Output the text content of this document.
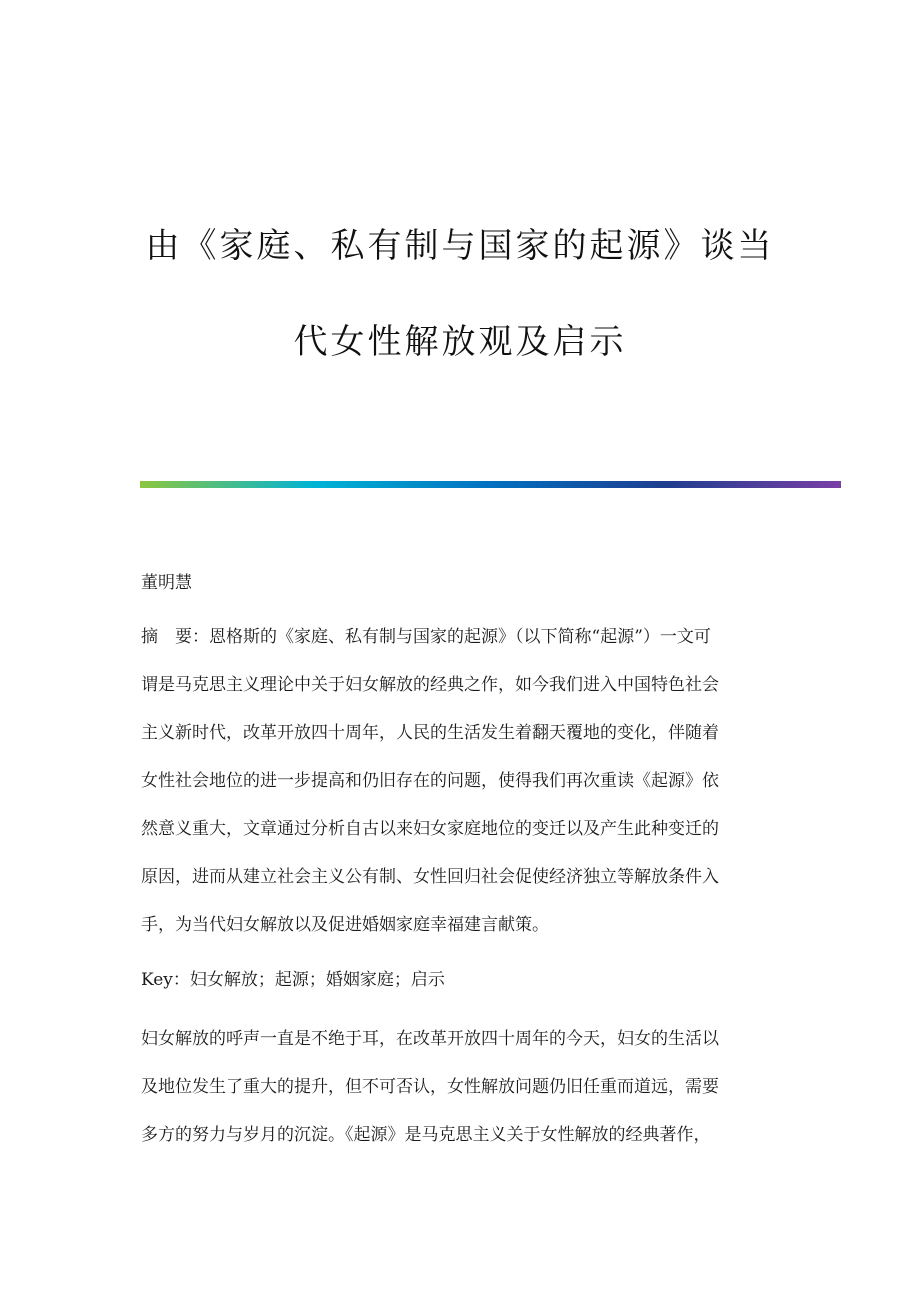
由《家庭、私有制与国家的起源》谈当
代女性解放观及启示
董明慧
摘　要：恩格斯的《家庭、私有制与国家的起源》（以下简称“起源”）一文可
谓是马克思主义理论中关于妇女解放的经典之作，如今我们进入中国特色社会
主义新时代，改革开放四十周年，人民的生活发生着翻天覆地的变化，伴随着
女性社会地位的进一步提高和仍旧存在的问题，使得我们再次重读《起源》依
然意义重大，文章通过分析自古以来妇女家庭地位的变迁以及产生此种变迁的
原因，进而从建立社会主义公有制、女性回归社会促使经济独立等解放条件入
手，为当代妇女解放以及促进婚姻家庭幸福建言献策。
Key：妇女解放；起源；婚姻家庭；启示
妇女解放的呼声一直是不绝于耳，在改革开放四十周年的今天，妇女的生活以
及地位发生了重大的提升，但不可否认，女性解放问题仍旧任重而道远，需要
多方的努力与岁月的沉淀。《起源》是马克思主义关于女性解放的经典著作，
